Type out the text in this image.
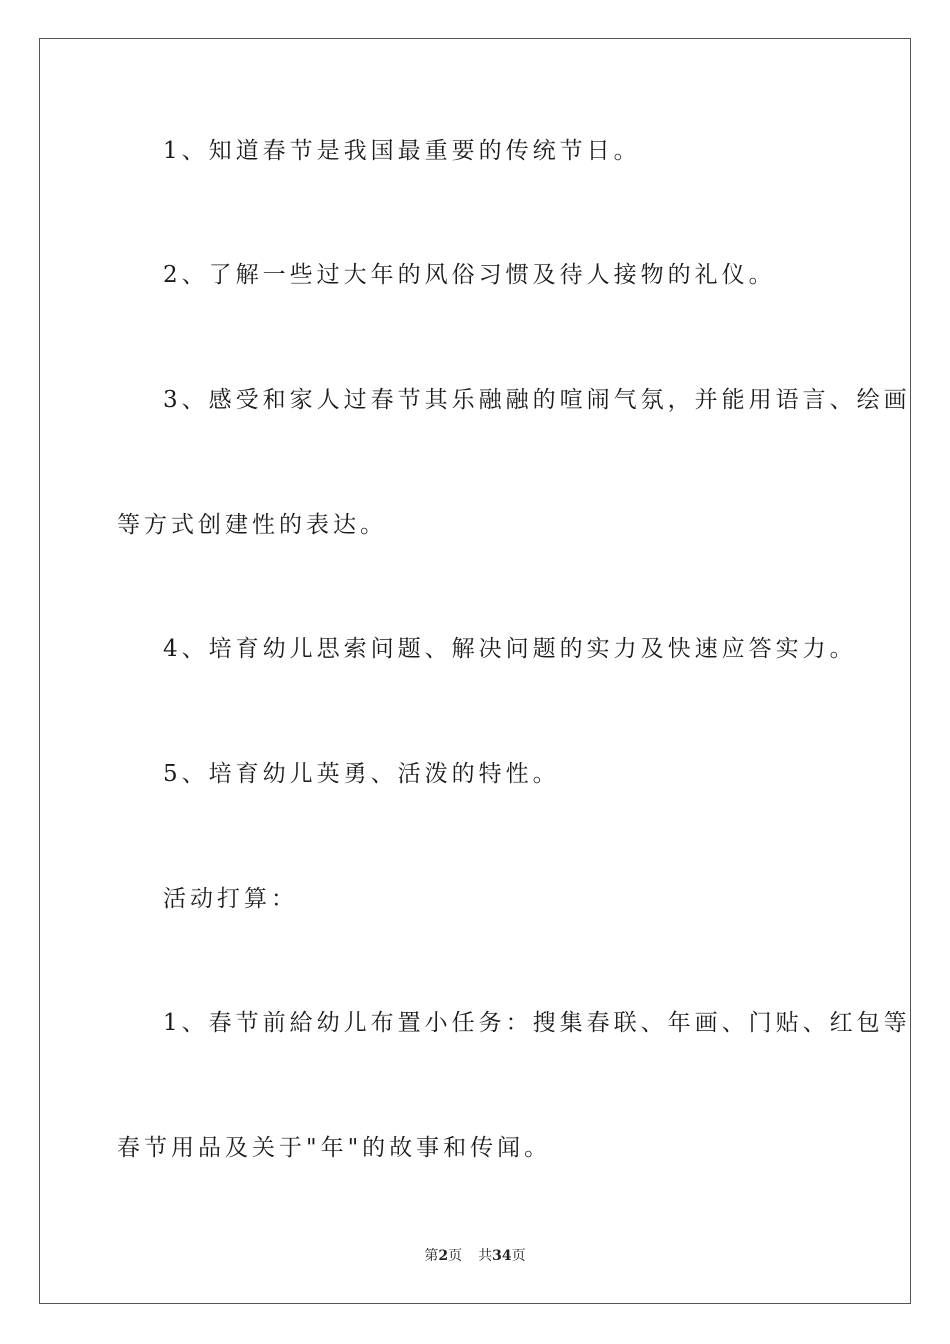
1、知道春节是我国最重要的传统节日。

2、了解一些过大年的风俗习惯及待人接物的礼仪。

3、感受和家人过春节其乐融融的喧闹气氛，并能用语言、绘画

等方式创建性的表达。

4、培育幼儿思索问题、解决问题的实力及快速应答实力。

5、培育幼儿英勇、活泼的特性。

活动打算：

1、春节前給幼儿布置小任务：搜集春联、年画、门贴、红包等

春节用品及关于"年"的故事和传闻。

第2页 共34页
